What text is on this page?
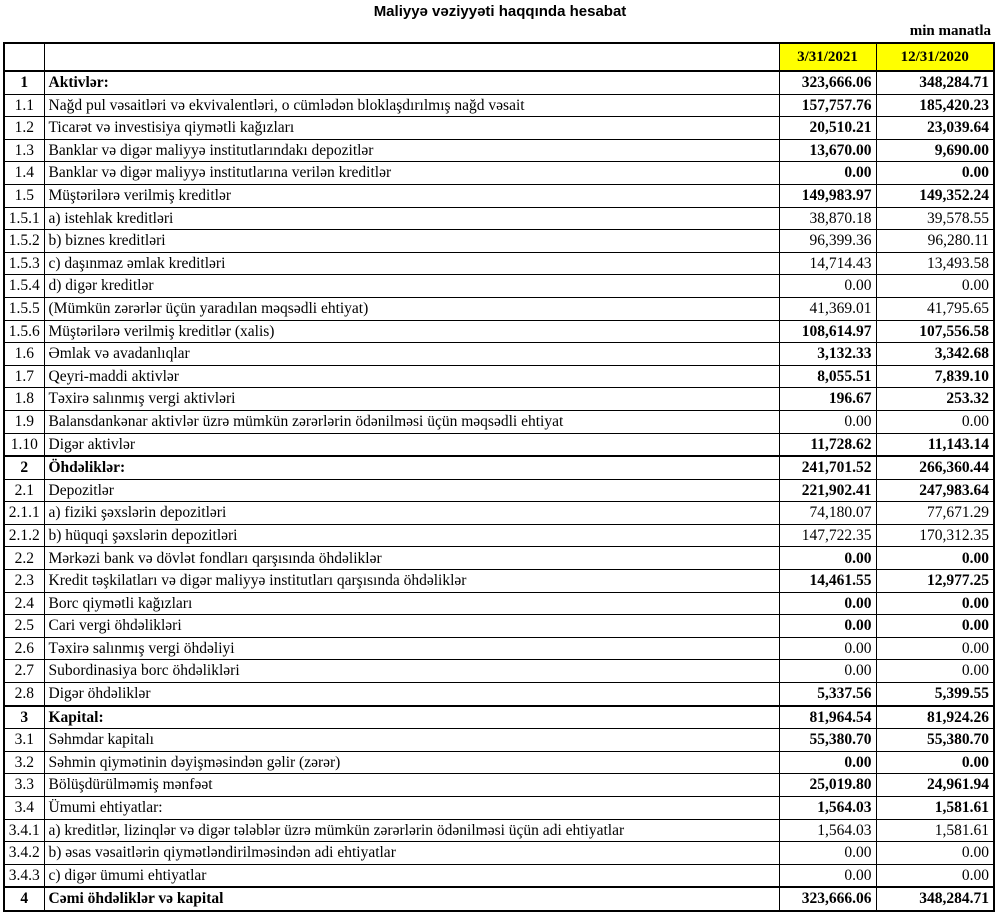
Maliyyə vəziyyəti haqqında hesabat
min manatla
		3/31/2021	12/31/2020
1	Aktivlər:	323,666.06	348,284.71
1.1	Nağd pul vəsaitləri və ekvivalentləri, o cümlədən bloklaşdırılmış nağd vəsait	157,757.76	185,420.23
1.2	Ticarət və investisiya qiymətli kağızları	20,510.21	23,039.64
1.3	Banklar və digər maliyyə institutlarındakı depozitlər	13,670.00	9,690.00
1.4	Banklar və digər maliyyə institutlarına verilən kreditlər	0.00	0.00
1.5	Müştərilərə verilmiş kreditlər	149,983.97	149,352.24
1.5.1	a) istehlak kreditləri	38,870.18	39,578.55
1.5.2	b) biznes kreditləri	96,399.36	96,280.11
1.5.3	c) daşınmaz əmlak kreditləri	14,714.43	13,493.58
1.5.4	d) digər kreditlər	0.00	0.00
1.5.5	(Mümkün zərərlər üçün yaradılan məqsədli ehtiyat)	41,369.01	41,795.65
1.5.6	Müştərilərə verilmiş kreditlər (xalis)	108,614.97	107,556.58
1.6	Əmlak və avadanlıqlar	3,132.33	3,342.68
1.7	Qeyri-maddi aktivlər	8,055.51	7,839.10
1.8	Təxirə salınmış vergi aktivləri	196.67	253.32
1.9	Balansdankənar aktivlər üzrə mümkün zərərlərin ödənilməsi üçün məqsədli ehtiyat	0.00	0.00
1.10	Digər aktivlər	11,728.62	11,143.14
2	Öhdəliklər:	241,701.52	266,360.44
2.1	Depozitlər	221,902.41	247,983.64
2.1.1	a) fiziki şəxslərin depozitləri	74,180.07	77,671.29
2.1.2	b) hüquqi şəxslərin depozitləri	147,722.35	170,312.35
2.2	Mərkəzi bank və dövlət fondları qarşısında öhdəliklər	0.00	0.00
2.3	Kredit təşkilatları və digər maliyyə institutları qarşısında öhdəliklər	14,461.55	12,977.25
2.4	Borc qiymətli kağızları	0.00	0.00
2.5	Cari vergi öhdəlikləri	0.00	0.00
2.6	Təxirə salınmış vergi öhdəliyi	0.00	0.00
2.7	Subordinasiya borc öhdəlikləri	0.00	0.00
2.8	Digər öhdəliklər	5,337.56	5,399.55
3	Kapital:	81,964.54	81,924.26
3.1	Səhmdar kapitalı	55,380.70	55,380.70
3.2	Səhmin qiymətinin dəyişməsindən gəlir (zərər)	0.00	0.00
3.3	Bölüşdürülməmiş mənfəət	25,019.80	24,961.94
3.4	Ümumi ehtiyatlar:	1,564.03	1,581.61
3.4.1	a) kreditlər, lizinqlər və digər tələblər üzrə mümkün zərərlərin ödənilməsi üçün adi ehtiyatlar	1,564.03	1,581.61
3.4.2	b) əsas vəsaitlərin qiymətləndirilməsindən adi ehtiyatlar	0.00	0.00
3.4.3	c) digər ümumi ehtiyatlar	0.00	0.00
4	Cəmi öhdəliklər və kapital	323,666.06	348,284.71
